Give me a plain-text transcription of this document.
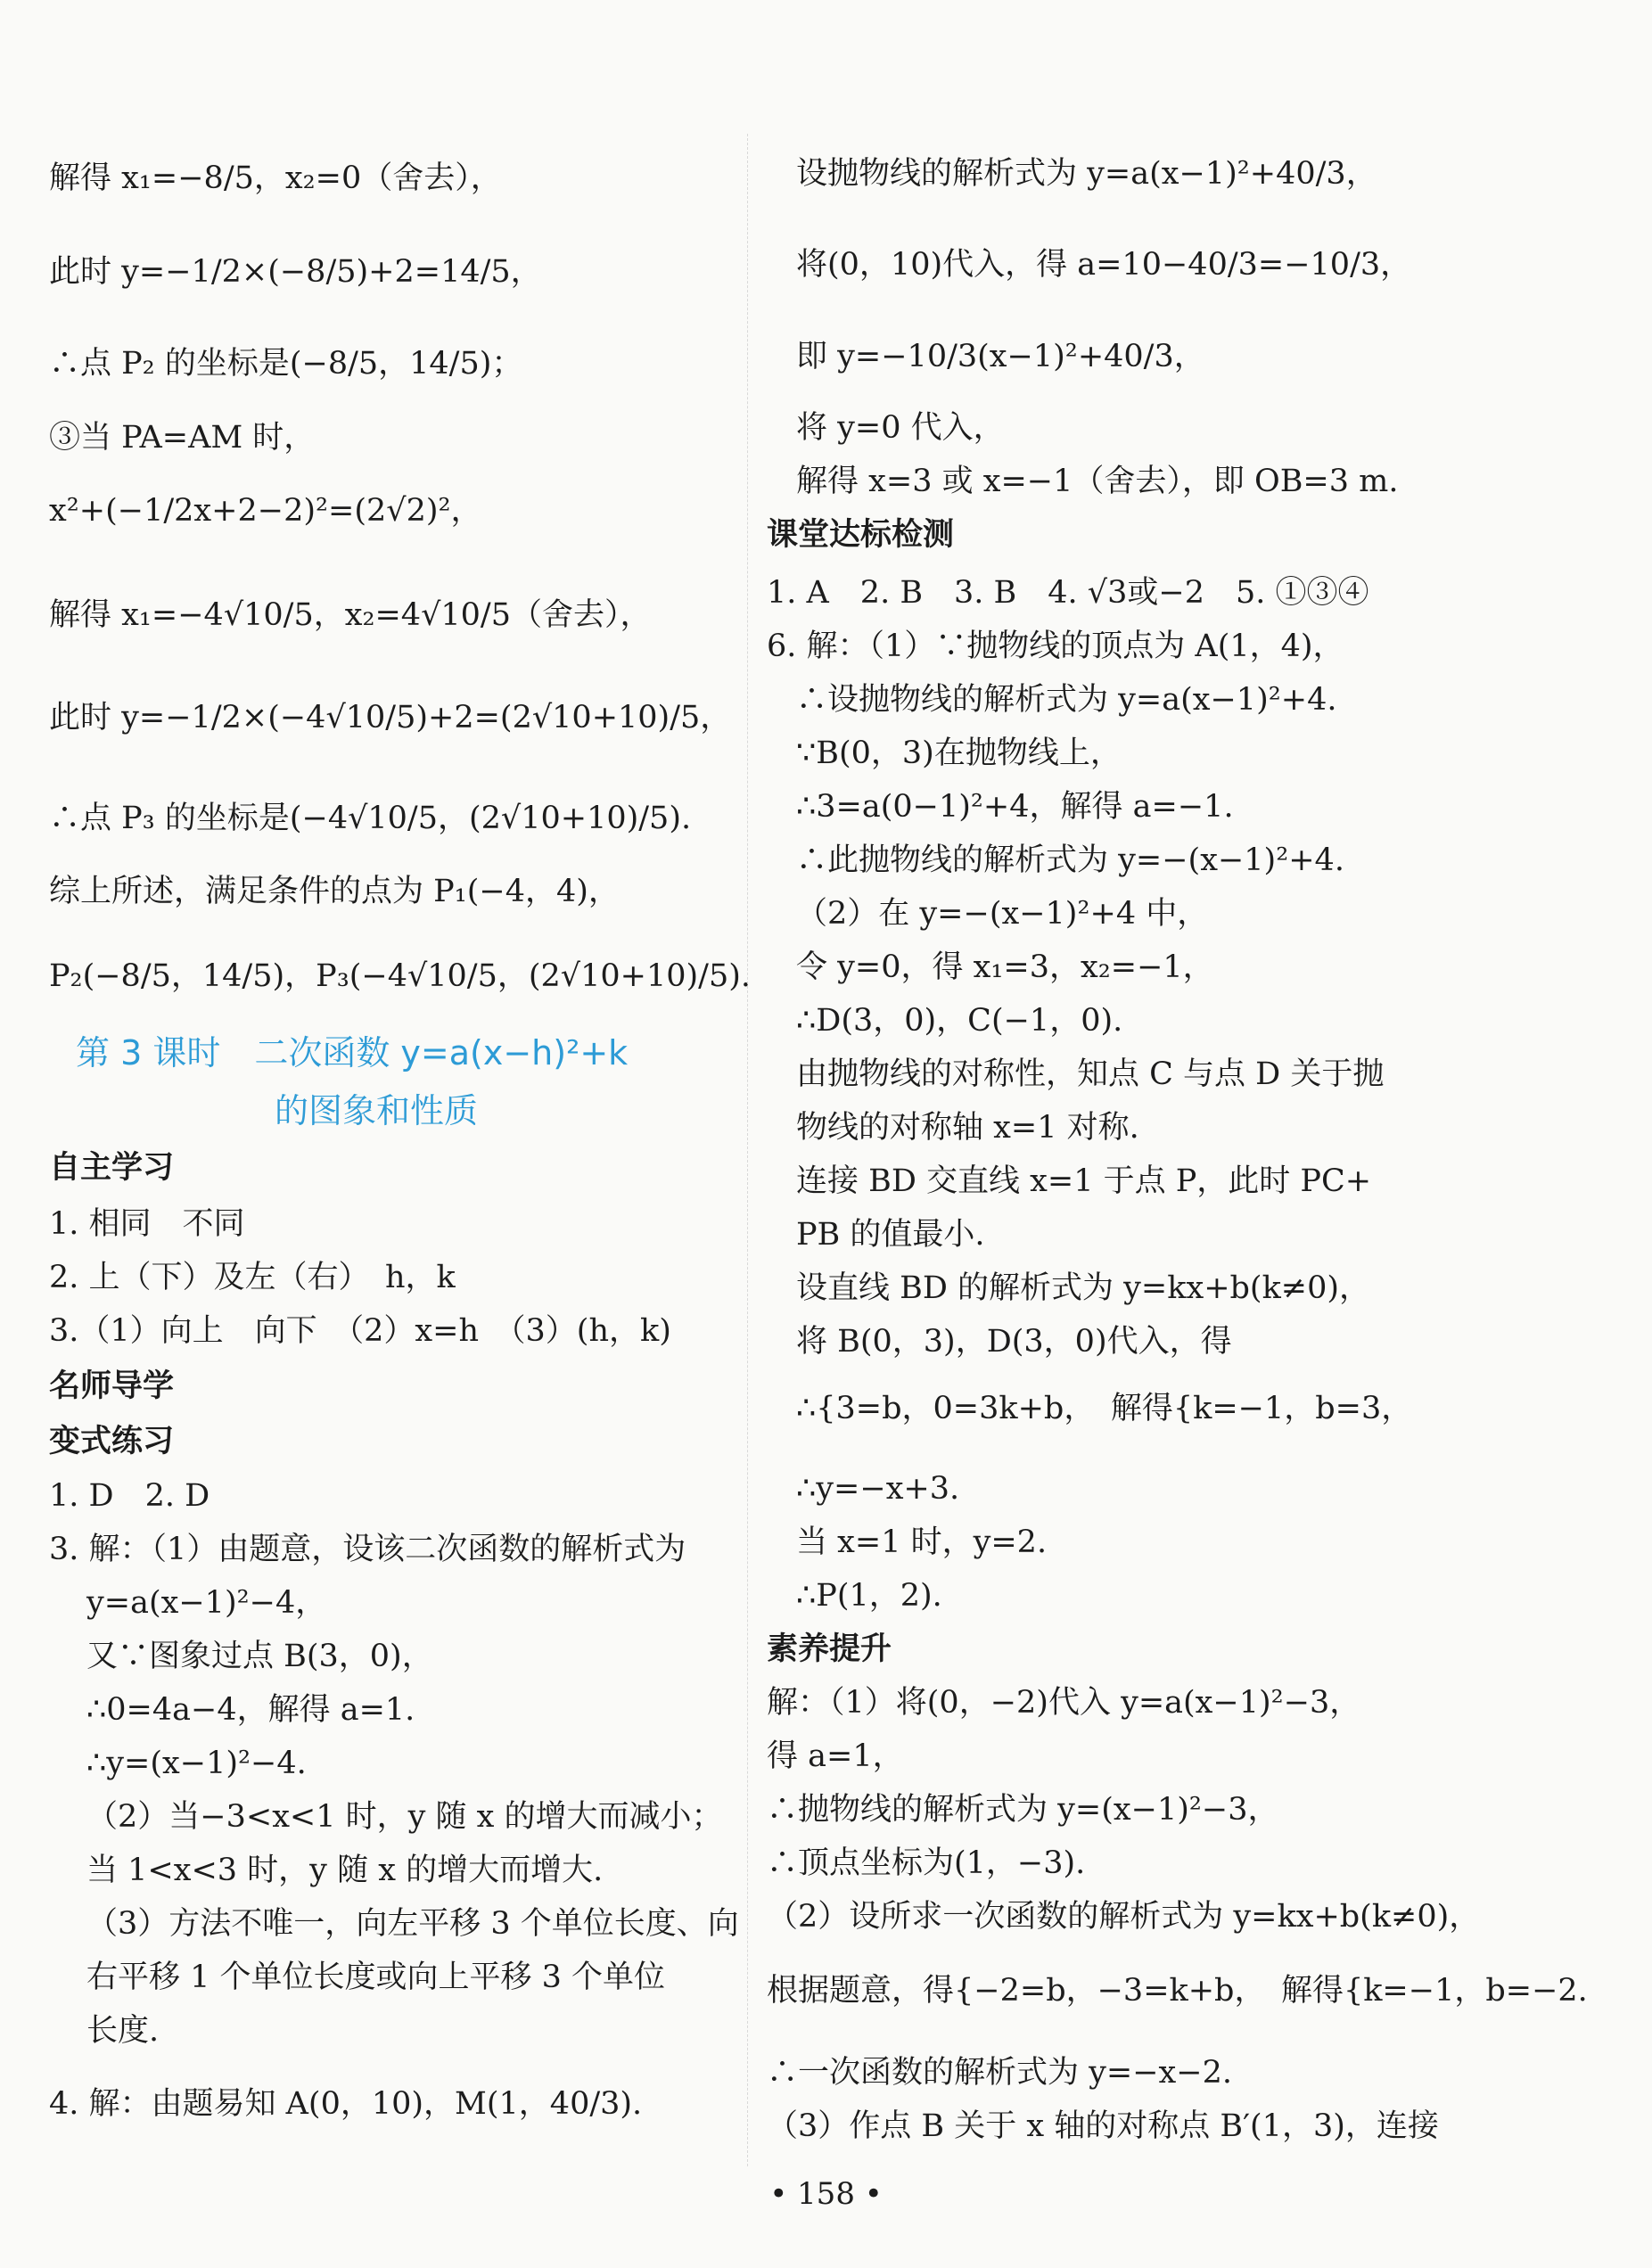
解得 x₁=−8/5，x₂=0（舍去），
此时 y=−1/2×(−8/5)+2=14/5，
∴点 P₂ 的坐标是(−8/5，14/5)；
③当 PA=AM 时，
x²+(−1/2x+2−2)²=(2√2)²，
解得 x₁=−4√10/5，x₂=4√10/5（舍去），
此时 y=−1/2×(−4√10/5)+2=(2√10+10)/5，
∴点 P₃ 的坐标是(−4√10/5，(2√10+10)/5).
综上所述，满足条件的点为 P₁(−4，4)，
P₂(−8/5，14/5)，P₃(−4√10/5，(2√10+10)/5).
第 3 课时　二次函数 y=a(x−h)²+k
的图象和性质
自主学习
1. 相同　不同
2. 上（下）及左（右）　h，k
3.（1）向上　向下　（2）x=h　（3）(h，k)
名师导学
变式练习
1. D　2. D
3. 解：（1）由题意，设该二次函数的解析式为
y=a(x−1)²−4，
又∵图象过点 B(3，0)，
∴0=4a−4，解得 a=1.
∴y=(x−1)²−4.
（2）当−3<x<1 时，y 随 x 的增大而减小；
当 1<x<3 时，y 随 x 的增大而增大.
（3）方法不唯一，向左平移 3 个单位长度、向
右平移 1 个单位长度或向上平移 3 个单位
长度.
4. 解：由题易知 A(0，10)，M(1，40/3).
设抛物线的解析式为 y=a(x−1)²+40/3，
将(0，10)代入，得 a=10−40/3=−10/3，
即 y=−10/3(x−1)²+40/3，
将 y=0 代入，
解得 x=3 或 x=−1（舍去），即 OB=3 m.
课堂达标检测
1. A　2. B　3. B　4. √3或−2　5. ①③④
6. 解：（1）∵抛物线的顶点为 A(1，4)，
∴设抛物线的解析式为 y=a(x−1)²+4.
∵B(0，3)在抛物线上，
∴3=a(0−1)²+4，解得 a=−1.
∴此抛物线的解析式为 y=−(x−1)²+4.
（2）在 y=−(x−1)²+4 中，
令 y=0，得 x₁=3，x₂=−1，
∴D(3，0)，C(−1，0).
由抛物线的对称性，知点 C 与点 D 关于抛
物线的对称轴 x=1 对称.
连接 BD 交直线 x=1 于点 P，此时 PC+
PB 的值最小.
设直线 BD 的解析式为 y=kx+b(k≠0)，
将 B(0，3)，D(3，0)代入，得
∴{3=b，0=3k+b，　解得{k=−1，b=3，
∴y=−x+3.
当 x=1 时，y=2.
∴P(1，2).
素养提升
解：（1）将(0，−2)代入 y=a(x−1)²−3，
得 a=1，
∴抛物线的解析式为 y=(x−1)²−3，
∴顶点坐标为(1，−3).
（2）设所求一次函数的解析式为 y=kx+b(k≠0)，
根据题意，得{−2=b，−3=k+b，　解得{k=−1，b=−2.
∴一次函数的解析式为 y=−x−2.
（3）作点 B 关于 x 轴的对称点 B′(1，3)，连接
• 158 •
